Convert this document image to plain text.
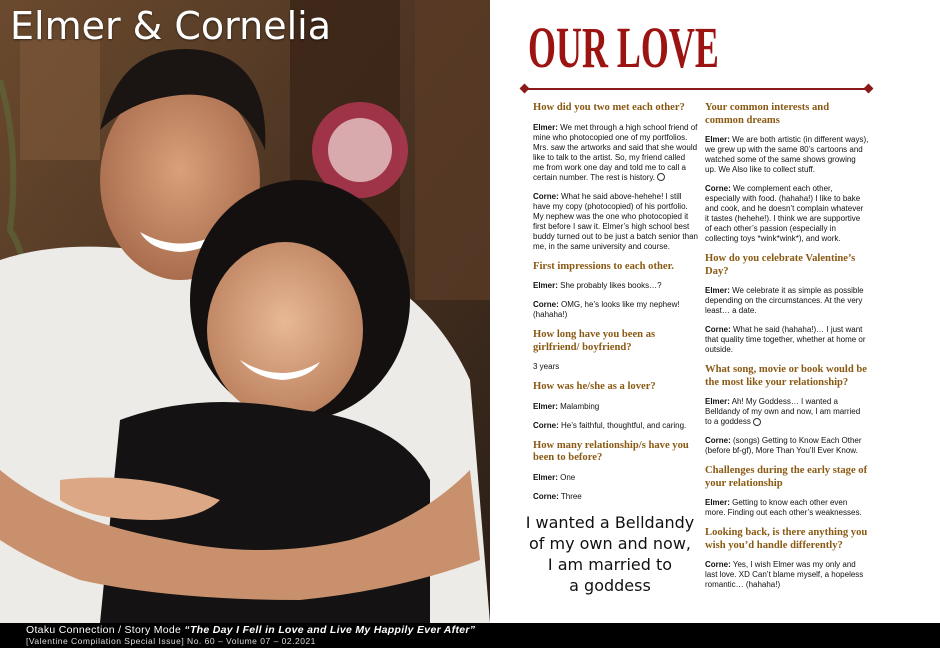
Elmer & Cornelia	OUR LOVE
How did you two met each other?
Elmer: We met through a high school friend of mine who photocopied one of my portfolios. Mrs. saw the artworks and said that she would like to talk to the artist. So, my friend called me from work one day and told me to call a certain number. The rest is history.
Corne: What he said above-hehehe! I still have my copy (photocopied) of his portfolio. My nephew was the one who photocopied it first before I saw it. Elmer’s high school best buddy turned out to be just a batch senior than me, in the same university and course.
First impressions to each other.
Elmer: She probably likes books…?
Corne: OMG, he’s looks like my nephew! (hahaha!)
How long have you been as girlfriend/ boyfriend?
3 years
How was he/she as a lover?
Elmer: Malambing
Corne: He’s faithful, thoughtful, and caring.
How many relationship/s have you been to before?
Elmer: One
Corne: Three
Your common interests and common dreams
Elmer: We are both artistic (in different ways), we grew up with the same 80’s cartoons and watched some of the same shows growing up. We Also like to collect stuff.
Corne: We complement each other, especially with food. (hahaha!) I like to bake and cook, and he doesn’t complain whatever it tastes (hehehe!). I think we are supportive of each other’s passion (especially in collecting toys *wink*wink*), and work.
How do you celebrate Valentine’s Day?
Elmer: We celebrate it as simple as possible depending on the circumstances. At the very least… a date.
Corne: What he said (hahaha!)… I just want that quality time together, whether at home or outside.
What song, movie or book would be the most like your relationship?
Elmer: Ah! My Goddess… I wanted a Belldandy of my own and now, I am married to a goddess
Corne: (songs) Getting to Know Each Other (before bf-gf), More Than You’ll Ever Know.
Challenges during the early stage of your relationship
Elmer: Getting to know each other even more. Finding out each other’s weaknesses.
Looking back, is there anything you wish you’d handle differently?
Corne: Yes, I wish Elmer was my only and last love. XD Can’t blame myself, a hopeless romantic… (hahaha!)
I wanted a Belldandy
of my own and now,
I am married to
a goddess
Otaku Connection / Story Mode “The Day I Fell in Love and Live My Happily Ever After”
[Valentine Compilation Special Issue] No. 60 – Volume 07 – 02.2021
